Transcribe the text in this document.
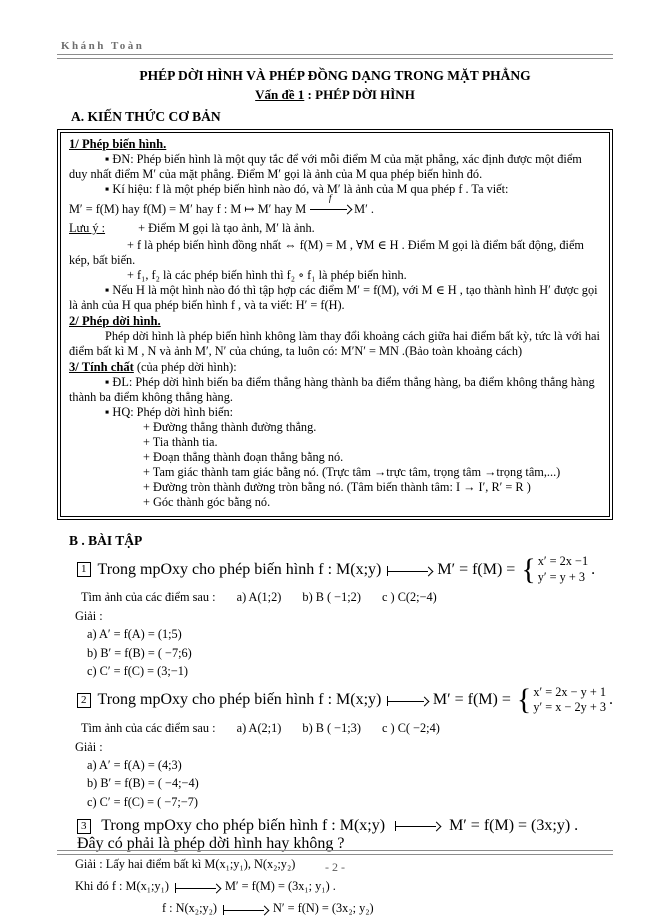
Khánh Toàn
PHÉP DỜI HÌNH VÀ PHÉP ĐỒNG DẠNG TRONG MẶT PHẲNG
Vấn đề 1 : PHÉP DỜI HÌNH
A. KIẾN THỨC CƠ BẢN
1/ Phép biến hình.
▪ ĐN: Phép biến hình là một quy tắc để với mỗi điểm M của mặt phẳng, xác định được một điểm duy nhất điểm M′ của mặt phẳng. Điểm M′ gọi là ảnh của M qua phép biến hình đó.
▪ Kí hiệu: f là một phép biến hình nào đó, và M′ là ảnh của M qua phép f . Ta viết:
M′ = f(M) hay f(M) = M′ hay f : M ↦ M′ hay M
f
M′ .
Lưu ý :	+ Điểm M gọi là tạo ảnh, M′ là ảnh.
+ f là phép biến hình đồng nhất ⇔ f(M) = M , ∀M ∈ H . Điểm M gọi là điểm bất động, điểm kép, bất biến.
+ f₁, f₂ là các phép biến hình thì f₂ ∘ f₁ là phép biến hình.
▪ Nếu H là một hình nào đó thì tập hợp các điểm M′ = f(M), với M ∈ H , tạo thành hình H′ được gọi là ảnh của H qua phép biến hình f , và ta viết: H′ = f(H).
2/ Phép dời hình.
Phép dời hình là phép biến hình không làm thay đổi khoảng cách giữa hai điểm bất kỳ, tức là với hai điểm bất kì M , N và ảnh M′, N′ của chúng, ta luôn có: M′N′ = MN .(Bảo toàn khoảng cách)
3/ Tính chất (của phép dời hình):
▪ ĐL: Phép dời hình biến ba điểm thẳng hàng thành ba điểm thẳng hàng, ba điểm không thẳng hàng thành ba điểm không thẳng hàng.
▪ HQ: Phép dời hình biến:
+ Đường thẳng thành đường thẳng.
+ Tia thành tia.
+ Đoạn thẳng thành đoạn thẳng bằng nó.
+ Tam giác thành tam giác bằng nó. (Trực tâm →trực tâm, trọng tâm →trọng tâm,...)
+ Đường tròn thành đường tròn bằng nó. (Tâm biến thành tâm: I → I′, R′ = R )
+ Góc thành góc bằng nó.
B . BÀI TẬP
1 Trong mpOxy cho phép biến hình f : M(x;y)	M′ = f(M) = { x′ = 2x −1
y′ = y + 3 .
Tìm ảnh của các điểm sau : a) A(1;2) b) B ( −1;2) c ) C(2;−4)
Giải :
a) A′ = f(A) = (1;5)
b) B′ = f(B) = ( −7;6)
c) C′ = f(C) = (3;−1)
2 Trong mpOxy cho phép biến hình f : M(x;y)	M′ = f(M) = { x′ = 2x − y + 1
y′ = x − 2y + 3 .
Tìm ảnh của các điểm sau : a) A(2;1) b) B ( −1;3) c ) C( −2;4)
Giải :
a) A′ = f(A) = (4;3)
b) B′ = f(B) = ( −4;−4)
c) C′ = f(C) = ( −7;−7)
3 Trong mpOxy cho phép biến hình f : M(x;y)	M′ = f(M) = (3x;y) . Đây có phải là phép dời hình hay không ?
Giải : Lấy hai điểm bất kì M(x₁;y₁), N(x₂;y₂)
Khi đó f : M(x₁;y₁)	M′ = f(M) = (3x₁; y₁) .
f : N(x₂;y₂)	N′ = f(N) = (3x₂; y₂)
- 2 -
